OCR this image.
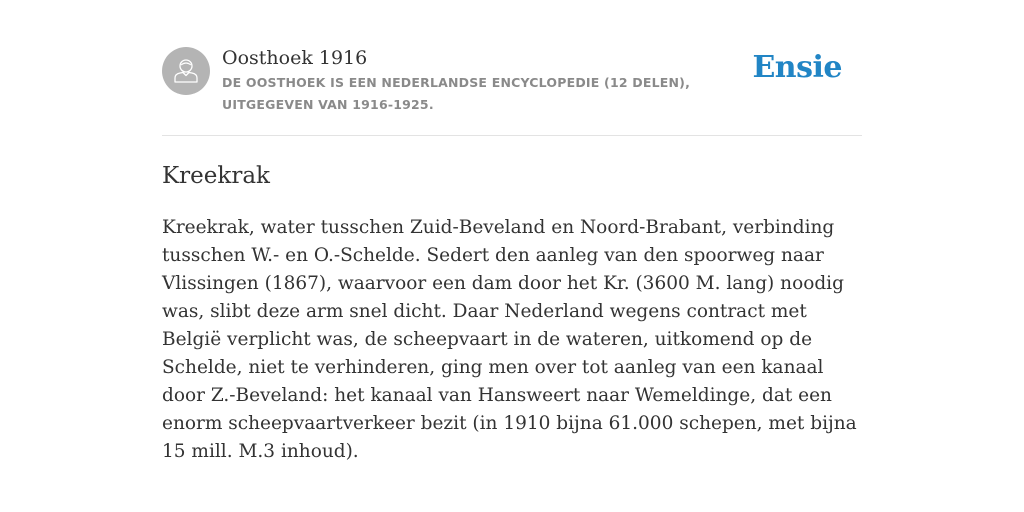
Oosthoek 1916

DE OOSTHOEK IS EEN NEDERLANDSE ENCYCLOPEDIE (12 DELEN), UITGEGEVEN VAN 1916-1925.

Ensie
Kreekrak

Kreekrak, water tusschen Zuid-Beveland en Noord-Brabant, verbinding tusschen W.- en O.-Schelde. Sedert den aanleg van den spoorweg naar Vlissingen (1867), waarvoor een dam door het Kr. (3600 M. lang) noodig was, slibt deze arm snel dicht. Daar Nederland wegens contract met België verplicht was, de scheepvaart in de wateren, uitkomend op de Schelde, niet te verhinderen, ging men over tot aanleg van een kanaal door Z.-Beveland: het kanaal van Hansweert naar Wemeldinge, dat een enorm scheepvaartverkeer bezit (in 1910 bijna 61.000 schepen, met bijna 15 mill. M.3 inhoud).
